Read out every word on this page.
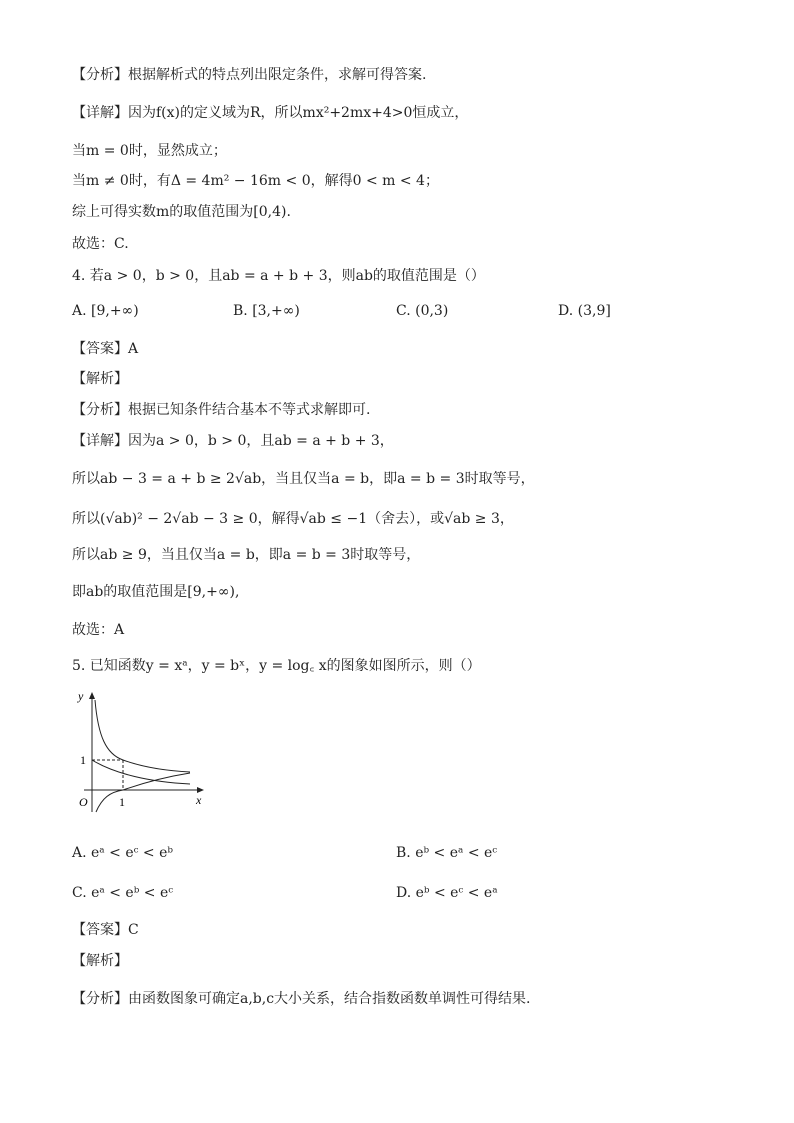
【分析】根据解析式的特点列出限定条件，求解可得答案.
【详解】因为f(x)的定义域为R，所以mx²+2mx+4>0恒成立，
当m = 0时，显然成立；
当m ≠ 0时，有Δ = 4m² − 16m < 0，解得0 < m < 4；
综上可得实数m的取值范围为[0,4).
故选：C.
4. 若a > 0，b > 0，且ab = a + b + 3，则ab的取值范围是（）
A. [9,+∞)	B. [3,+∞)	C. (0,3)	D. (3,9]
【答案】A
【解析】
【分析】根据已知条件结合基本不等式求解即可.
【详解】因为a > 0，b > 0，且ab = a + b + 3，
所以ab − 3 = a + b ≥ 2√ab，当且仅当a = b，即a = b = 3时取等号，
所以(√ab)² − 2√ab − 3 ≥ 0，解得√ab ≤ −1（舍去），或√ab ≥ 3，
所以ab ≥ 9，当且仅当a = b，即a = b = 3时取等号，
即ab的取值范围是[9,+∞),
故选：A
5. 已知函数y = xᵃ，y = bˣ，y = log꜀ x的图象如图所示，则（）
y
x
O
1
1
A. eᵃ < eᶜ < eᵇ	B. eᵇ < eᵃ < eᶜ
C. eᵃ < eᵇ < eᶜ	D. eᵇ < eᶜ < eᵃ
【答案】C
【解析】
【分析】由函数图象可确定a,b,c大小关系，结合指数函数单调性可得结果.
